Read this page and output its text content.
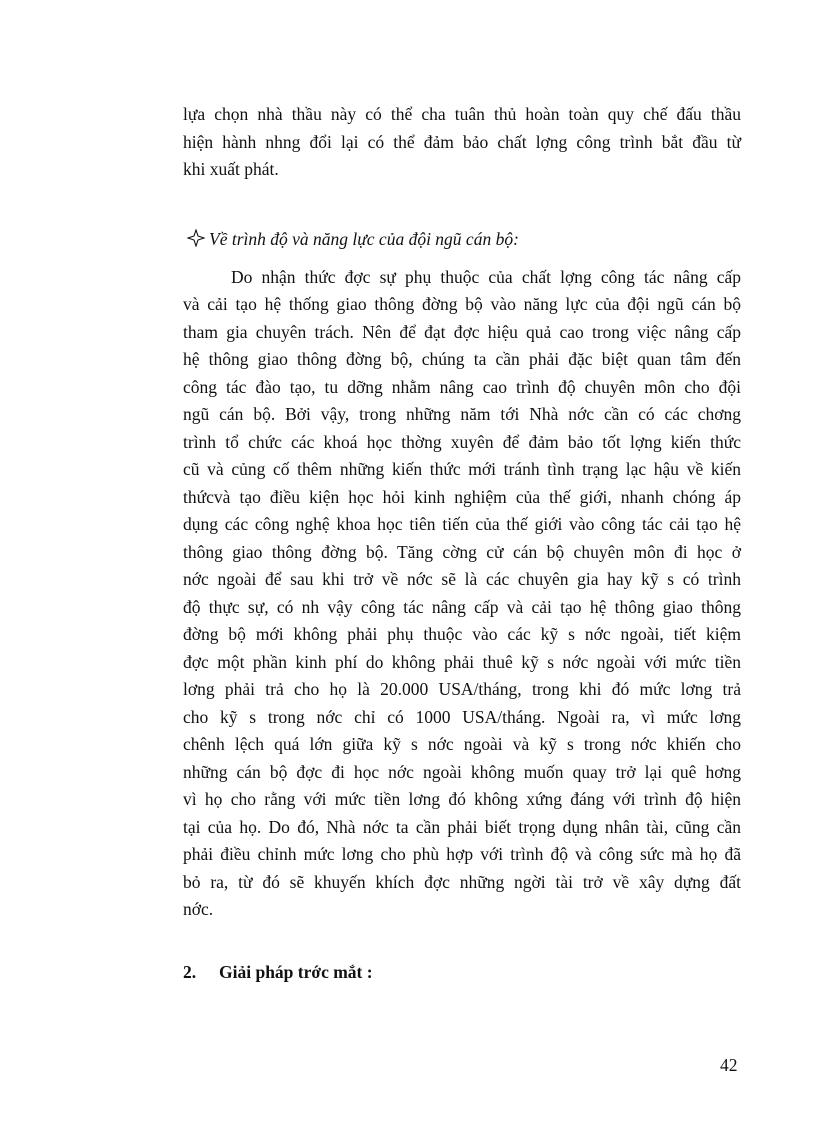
lựa chọn nhà thầu này có thể cha tuân thủ hoàn toàn quy chế đấu thầu
hiện hành nhng đổi lại có thể đảm bảo chất lợng công trình bắt đầu từ
khi xuất phát.
Về trình độ và năng lực của đội ngũ cán bộ:
Do nhận thức đợc sự phụ thuộc của chất lợng công tác nâng cấp
và cải tạo hệ thống giao thông đờng bộ vào năng lực của đội ngũ cán bộ
tham gia chuyên trách. Nên để đạt đợc hiệu quả cao trong việc nâng cấp
hệ thông giao thông đờng bộ, chúng ta cần phải đặc biệt quan tâm đến
công tác đào tạo, tu dỡng nhằm nâng cao trình độ chuyên môn cho đội
ngũ cán bộ. Bởi vậy, trong những năm tới Nhà nớc cần có các chơng
trình tổ chức các khoá học thờng xuyên để đảm bảo tốt lợng kiến thức
cũ và củng cố thêm những kiến thức mới tránh tình trạng lạc hậu về kiến
thứcvà tạo điều kiện học hỏi kinh nghiệm của thế giới, nhanh chóng áp
dụng các công nghệ khoa học tiên tiến của thế giới vào công tác cải tạo hệ
thông giao thông đờng bộ. Tăng cờng cử cán bộ chuyên môn đi học ở
nớc ngoài để sau khi trở về nớc sẽ là các chuyên gia hay kỹ s có trình
độ thực sự, có nh vậy công tác nâng cấp và cải tạo hệ thông giao thông
đờng bộ mới không phải phụ thuộc vào các kỹ s nớc ngoài, tiết kiệm
đợc một phần kinh phí do không phải thuê kỹ s nớc ngoài với mức tiền
lơng phải trả cho họ là 20.000 USA/tháng, trong khi đó mức lơng trả
cho kỹ s trong nớc chỉ có 1000 USA/tháng. Ngoài ra, vì mức lơng
chênh lệch quá lớn giữa kỹ s nớc ngoài và kỹ s trong nớc khiến cho
những cán bộ đợc đi học nớc ngoài không muốn quay trở lại quê hơng
vì họ cho rằng với mức tiền lơng đó không xứng đáng với trình độ hiện
tại của họ. Do đó, Nhà nớc ta cần phải biết trọng dụng nhân tài, cũng cần
phải điều chỉnh mức lơng cho phù hợp với trình độ và công sức mà họ đã
bỏ ra, từ đó sẽ khuyến khích đợc những ngời tài trở về xây dựng đất
nớc.
2. Giải pháp trớc mắt :
42
